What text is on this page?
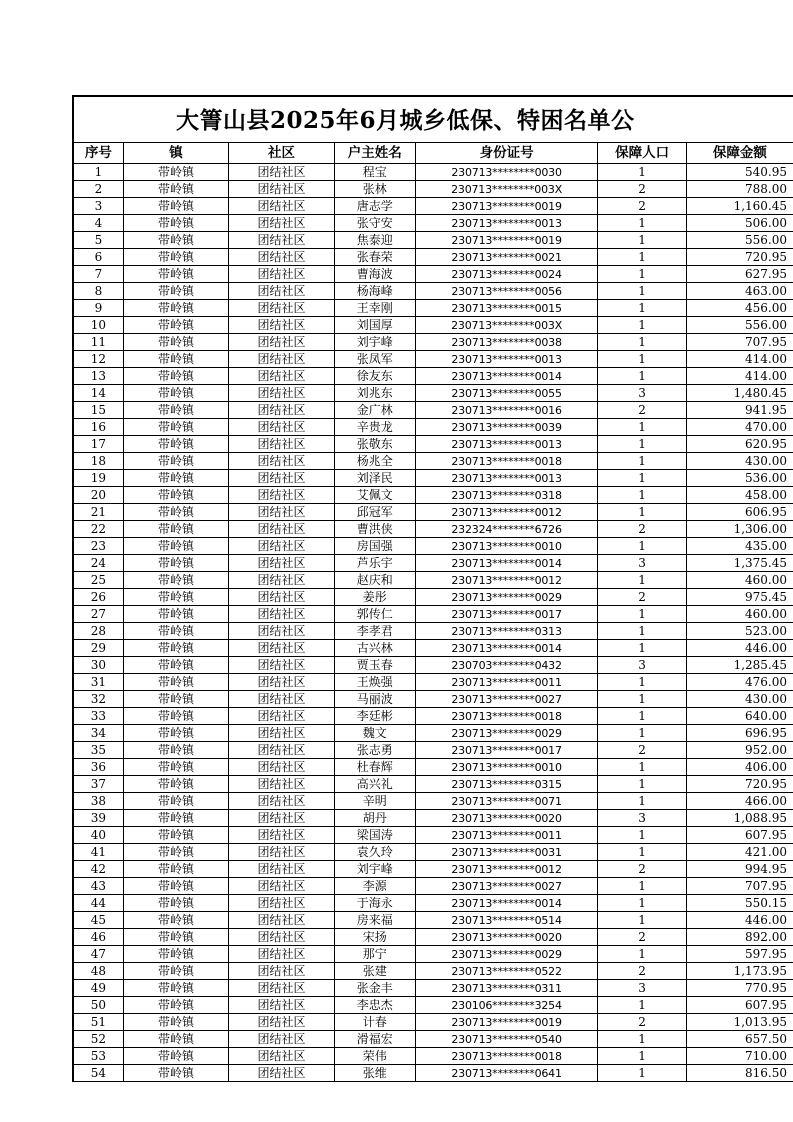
大箐山县2025年6月城乡低保、特困名单公
序号	镇	社区	户主姓名	身份证号	保障人口	保障金额
1	带岭镇	团结社区	程宝	230713********0030	1	540.95
2	带岭镇	团结社区	张林	230713********003X	2	788.00
3	带岭镇	团结社区	唐志学	230713********0019	2	1,160.45
4	带岭镇	团结社区	张守安	230713********0013	1	506.00
5	带岭镇	团结社区	焦泰迎	230713********0019	1	556.00
6	带岭镇	团结社区	张春荣	230713********0021	1	720.95
7	带岭镇	团结社区	曹海波	230713********0024	1	627.95
8	带岭镇	团结社区	杨海峰	230713********0056	1	463.00
9	带岭镇	团结社区	王幸刚	230713********0015	1	456.00
10	带岭镇	团结社区	刘国厚	230713********003X	1	556.00
11	带岭镇	团结社区	刘宇峰	230713********0038	1	707.95
12	带岭镇	团结社区	张凤军	230713********0013	1	414.00
13	带岭镇	团结社区	徐友东	230713********0014	1	414.00
14	带岭镇	团结社区	刘兆东	230713********0055	3	1,480.45
15	带岭镇	团结社区	金广林	230713********0016	2	941.95
16	带岭镇	团结社区	辛贵龙	230713********0039	1	470.00
17	带岭镇	团结社区	张敬东	230713********0013	1	620.95
18	带岭镇	团结社区	杨兆全	230713********0018	1	430.00
19	带岭镇	团结社区	刘泽民	230713********0013	1	536.00
20	带岭镇	团结社区	艾佩文	230713********0318	1	458.00
21	带岭镇	团结社区	邱冠军	230713********0012	1	606.95
22	带岭镇	团结社区	曹洪侠	232324********6726	2	1,306.00
23	带岭镇	团结社区	房国强	230713********0010	1	435.00
24	带岭镇	团结社区	芦乐宇	230713********0014	3	1,375.45
25	带岭镇	团结社区	赵庆和	230713********0012	1	460.00
26	带岭镇	团结社区	姜彤	230713********0029	2	975.45
27	带岭镇	团结社区	郭传仁	230713********0017	1	460.00
28	带岭镇	团结社区	李孝君	230713********0313	1	523.00
29	带岭镇	团结社区	古兴林	230713********0014	1	446.00
30	带岭镇	团结社区	贾玉春	230703********0432	3	1,285.45
31	带岭镇	团结社区	王焕强	230713********0011	1	476.00
32	带岭镇	团结社区	马丽波	230713********0027	1	430.00
33	带岭镇	团结社区	李廷彬	230713********0018	1	640.00
34	带岭镇	团结社区	魏文	230713********0029	1	696.95
35	带岭镇	团结社区	张志勇	230713********0017	2	952.00
36	带岭镇	团结社区	杜春辉	230713********0010	1	406.00
37	带岭镇	团结社区	高兴礼	230713********0315	1	720.95
38	带岭镇	团结社区	辛明	230713********0071	1	466.00
39	带岭镇	团结社区	胡丹	230713********0020	3	1,088.95
40	带岭镇	团结社区	梁国涛	230713********0011	1	607.95
41	带岭镇	团结社区	袁久玲	230713********0031	1	421.00
42	带岭镇	团结社区	刘宇峰	230713********0012	2	994.95
43	带岭镇	团结社区	李源	230713********0027	1	707.95
44	带岭镇	团结社区	于海永	230713********0014	1	550.15
45	带岭镇	团结社区	房来福	230713********0514	1	446.00
46	带岭镇	团结社区	宋扬	230713********0020	2	892.00
47	带岭镇	团结社区	那宁	230713********0029	1	597.95
48	带岭镇	团结社区	张建	230713********0522	2	1,173.95
49	带岭镇	团结社区	张金丰	230713********0311	3	770.95
50	带岭镇	团结社区	李忠杰	230106********3254	1	607.95
51	带岭镇	团结社区	计春	230713********0019	2	1,013.95
52	带岭镇	团结社区	滑福宏	230713********0540	1	657.50
53	带岭镇	团结社区	荣伟	230713********0018	1	710.00
54	带岭镇	团结社区	张维	230713********0641	1	816.50
